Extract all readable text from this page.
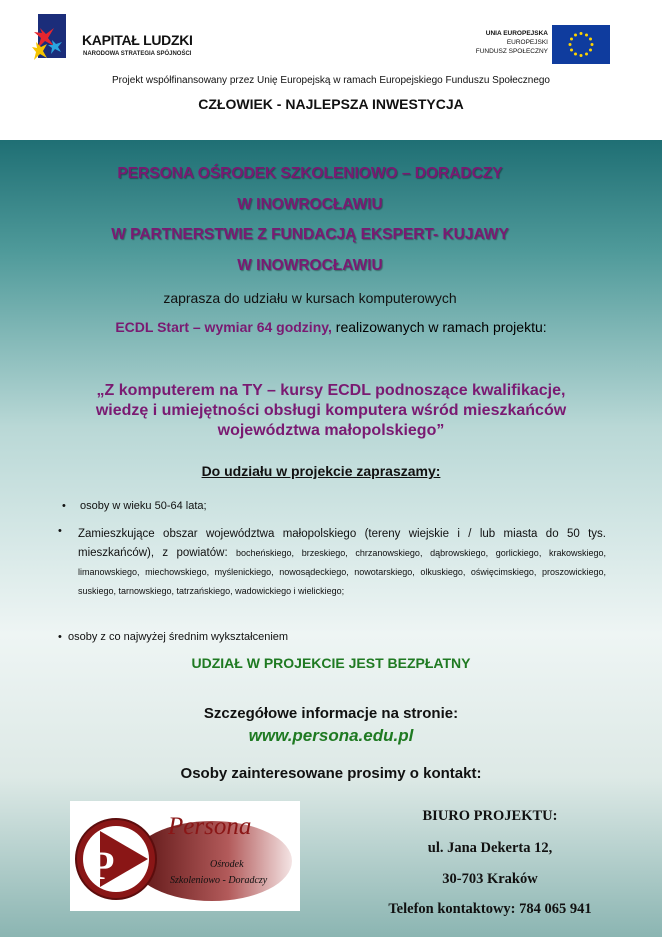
KAPITAŁ LUDZKI
NARODOWA STRATEGIA SPÓJNOŚCI
UNIA EUROPEJSKA
EUROPEJSKI
FUNDUSZ SPOŁECZNY
Projekt współfinansowany przez Unię Europejską w ramach Europejskiego Funduszu Społecznego
CZŁOWIEK - NAJLEPSZA INWESTYCJA
PERSONA OŚRODEK SZKOLENIOWO – DORADCZY
W INOWROCŁAWIU
W PARTNERSTWIE Z FUNDACJĄ EKSPERT- KUJAWY
W INOWROCŁAWIU
zaprasza do udziału w kursach komputerowych
ECDL Start – wymiar 64 godziny, realizowanych w ramach projektu:
„Z komputerem na TY – kursy ECDL podnoszące kwalifikacje,
wiedzę i umiejętności obsługi komputera wśród mieszkańców
województwa małopolskiego”
Do udziału w projekcie zapraszamy:
• osoby w wieku 50-64 lata;
• Zamieszkujące obszar województwa małopolskiego (tereny wiejskie i / lub miasta do 50 tys. mieszkańców), z powiatów: bocheńskiego, brzeskiego, chrzanowskiego, dąbrowskiego, gorlickiego, krakowskiego, limanowskiego, miechowskiego, myślenickiego, nowosądeckiego, nowotarskiego, olkuskiego, oświęcimskiego, proszowickiego, suskiego, tarnowskiego, tatrzańskiego, wadowickiego i wielickiego;
• osoby z co najwyżej średnim wykształceniem
UDZIAŁ W PROJEKCIE JEST BEZPŁATNY
Szczegółowe informacje na stronie:
www.persona.edu.pl
Osoby zainteresowane prosimy o kontakt:
P
Persona
Ośrodek
Szkoleniowo - Doradczy
BIURO PROJEKTU:
ul. Jana Dekerta 12,
30-703 Kraków
Telefon kontaktowy: 784 065 941
